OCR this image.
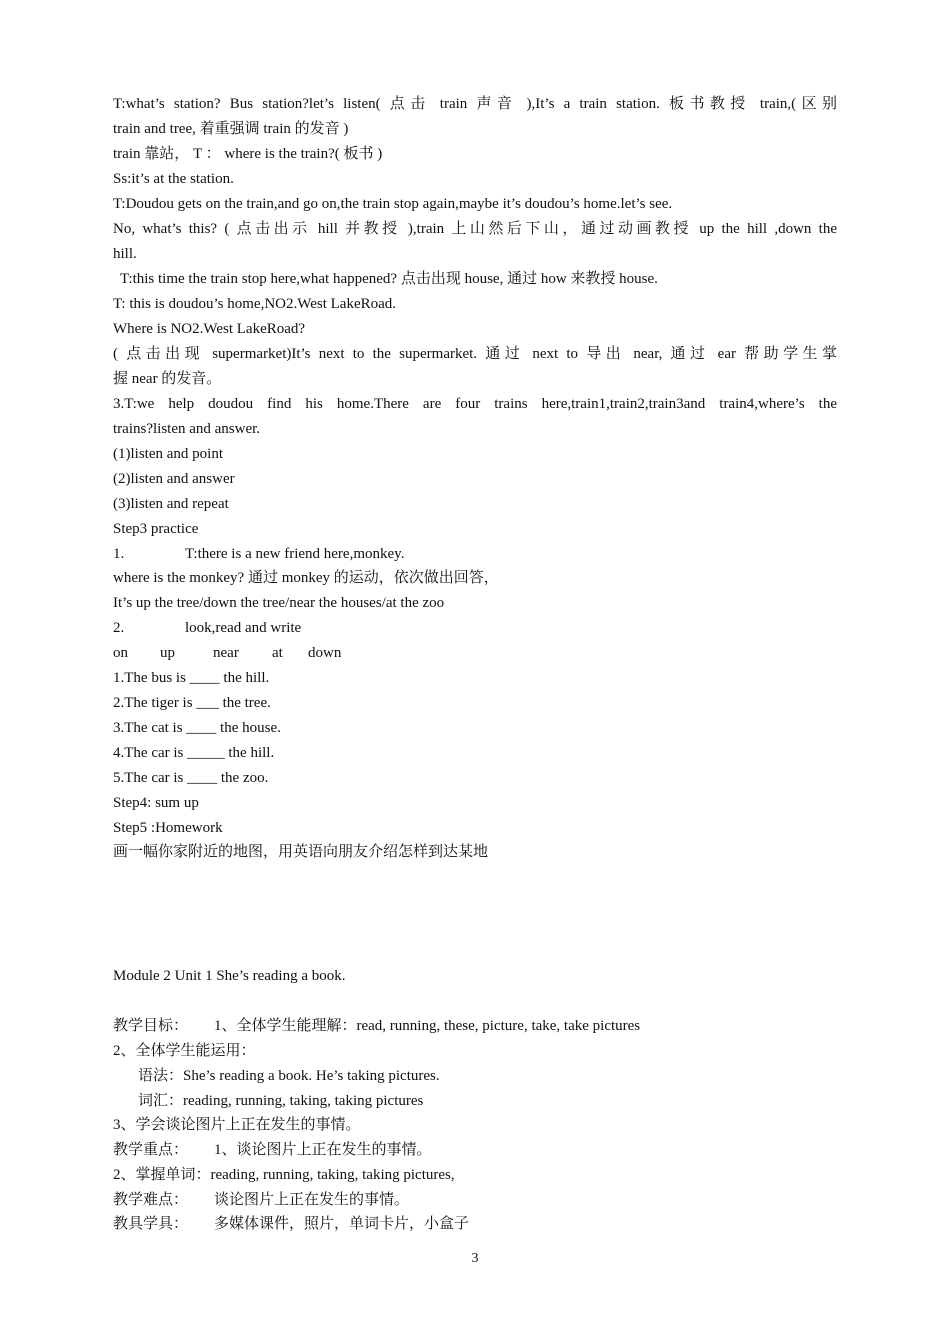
T:what’s station? Bus station?let’s listen( 点击 train 声音 ),It’s a train station. 板书教授 train,(区别
train and tree, 着重强调 train 的发音 )
train 靠站， T ： where is the train?( 板书 )
Ss:it’s at the station.
T:Doudou gets on the train,and go on,the train stop again,maybe it’s doudou’s home.let’s see.
No, what’s this? ( 点击出示 hill 并教授 ),train 上山然后下山，通过动画教授 up the hill ,down the
hill.
T:this time the train stop here,what happened? 点击出现 house, 通过 how 来教授 house.
T: this is doudou’s home,NO2.West LakeRoad.
Where is NO2.West LakeRoad?
( 点击出现 supermarket)It’s next to the supermarket. 通过 next to 导出 near, 通过 ear 帮助学生掌
握 near 的发音。
3.T:we help doudou find his home.There are four trains here,train1,train2,train3and train4,where’s the
trains?listen and answer.
(1)listen and point
(2)listen and answer
(3)listen and repeat
Step3 practice
1.	T:there is a new friend here,monkey.
where is the monkey? 通过 monkey 的运动，依次做出回答，
It’s up the tree/down the tree/near the houses/at the zoo
2.	look,read and write
on up	near at down
1.The bus is ____ the hill.
2.The tiger is ___ the tree.
3.The cat is ____ the house.
4.The car is _____ the hill.
5.The car is ____ the zoo.
Step4: sum up
Step5 :Homework
画一幅你家附近的地图，用英语向朋友介绍怎样到达某地
Module 2 Unit 1 She’s reading a book.
教学目标： 1、全体学生能理解：read, running, these, picture, take, take pictures
2、全体学生能运用：
语法：She’s reading a book. He’s taking pictures.
词汇：reading, running, taking, taking pictures
3、学会谈论图片上正在发生的事情。
教学重点： 1、谈论图片上正在发生的事情。
2、掌握单词：reading, running, taking, taking pictures,
教学难点： 谈论图片上正在发生的事情。
教具学具： 多媒体课件，照片，单词卡片，小盒子
3
